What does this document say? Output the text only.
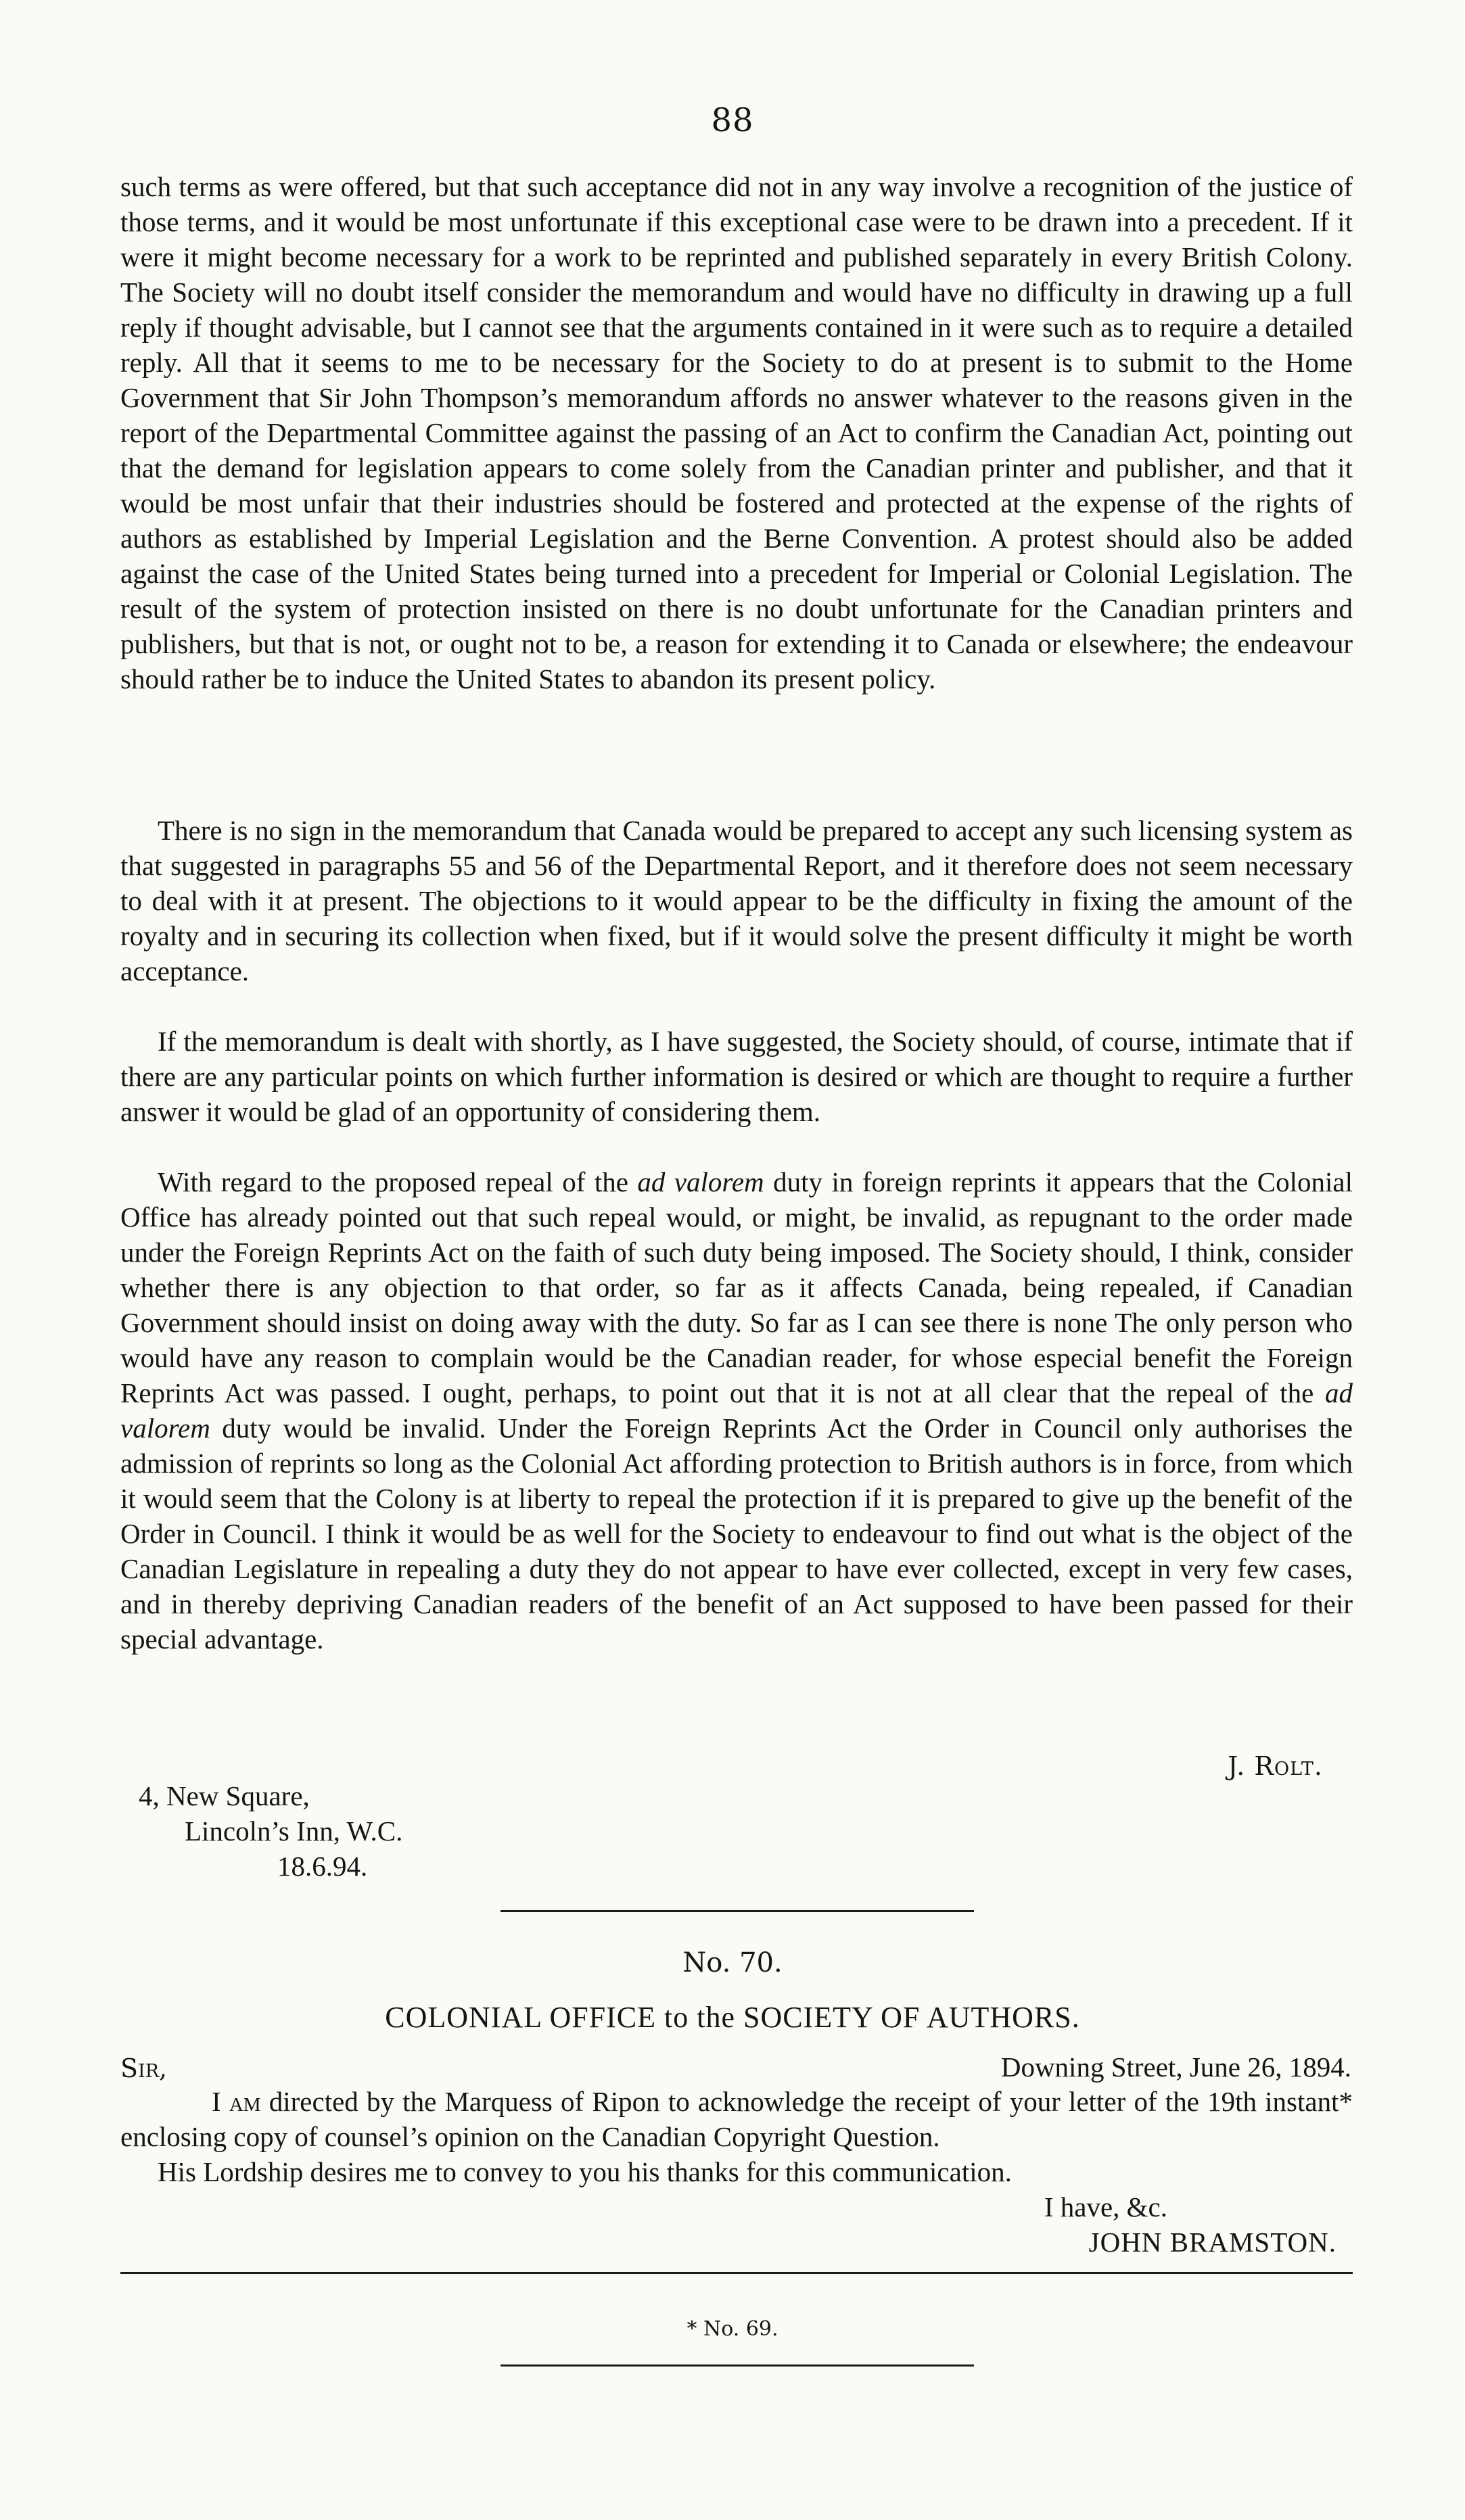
88

such terms as were offered, but that such acceptance did not in any way involve a recognition of the justice of those terms, and it would be most unfortunate if this exceptional case were to be drawn into a precedent. If it were it might become necessary for a work to be reprinted and published separately in every British Colony. The Society will no doubt itself consider the memorandum and would have no difficulty in drawing up a full reply if thought advisable, but I cannot see that the arguments contained in it were such as to require a detailed reply. All that it seems to me to be necessary for the Society to do at present is to submit to the Home Government that Sir John Thompson’s memorandum affords no answer whatever to the reasons given in the report of the Departmental Committee against the passing of an Act to confirm the Canadian Act, pointing out that the demand for legislation appears to come solely from the Canadian printer and publisher, and that it would be most unfair that their industries should be fostered and protected at the expense of the rights of authors as established by Imperial Legislation and the Berne Convention. A protest should also be added against the case of the United States being turned into a precedent for Imperial or Colonial Legislation. The result of the system of protection insisted on there is no doubt unfortunate for the Canadian printers and publishers, but that is not, or ought not to be, a reason for extending it to Canada or elsewhere; the endeavour should rather be to induce the United States to abandon its present policy.

There is no sign in the memorandum that Canada would be prepared to accept any such licensing system as that suggested in paragraphs 55 and 56 of the Departmental Report, and it therefore does not seem necessary to deal with it at present. The objections to it would appear to be the difficulty in fixing the amount of the royalty and in securing its collection when fixed, but if it would solve the present difficulty it might be worth acceptance.

If the memorandum is dealt with shortly, as I have suggested, the Society should, of course, intimate that if there are any particular points on which further information is desired or which are thought to require a further answer it would be glad of an opportunity of considering them.

With regard to the proposed repeal of the ad valorem duty in foreign reprints it appears that the Colonial Office has already pointed out that such repeal would, or might, be invalid, as repugnant to the order made under the Foreign Reprints Act on the faith of such duty being imposed. The Society should, I think, consider whether there is any objection to that order, so far as it affects Canada, being repealed, if Canadian Government should insist on doing away with the duty. So far as I can see there is none The only person who would have any reason to complain would be the Canadian reader, for whose especial benefit the Foreign Reprints Act was passed. I ought, perhaps, to point out that it is not at all clear that the repeal of the ad valorem duty would be invalid. Under the Foreign Reprints Act the Order in Council only authorises the admission of reprints so long as the Colonial Act affording protection to British authors is in force, from which it would seem that the Colony is at liberty to repeal the protection if it is prepared to give up the benefit of the Order in Council. I think it would be as well for the Society to endeavour to find out what is the object of the Canadian Legislature in repealing a duty they do not appear to have ever collected, except in very few cases, and in thereby depriving Canadian readers of the benefit of an Act supposed to have been passed for their special advantage.

J. Rolt.
4, New Square,
Lincoln’s Inn, W.C.
18.6.94.
No. 70.
COLONIAL OFFICE to the SOCIETY OF AUTHORS.
Sir,	Downing Street, June 26, 1894.

I am directed by the Marquess of Ripon to acknowledge the receipt of your letter of the 19th instant* enclosing copy of counsel’s opinion on the Canadian Copyright Question.

His Lordship desires me to convey to you his thanks for this communication.

I have, &c.
JOHN BRAMSTON.
* No. 69.
